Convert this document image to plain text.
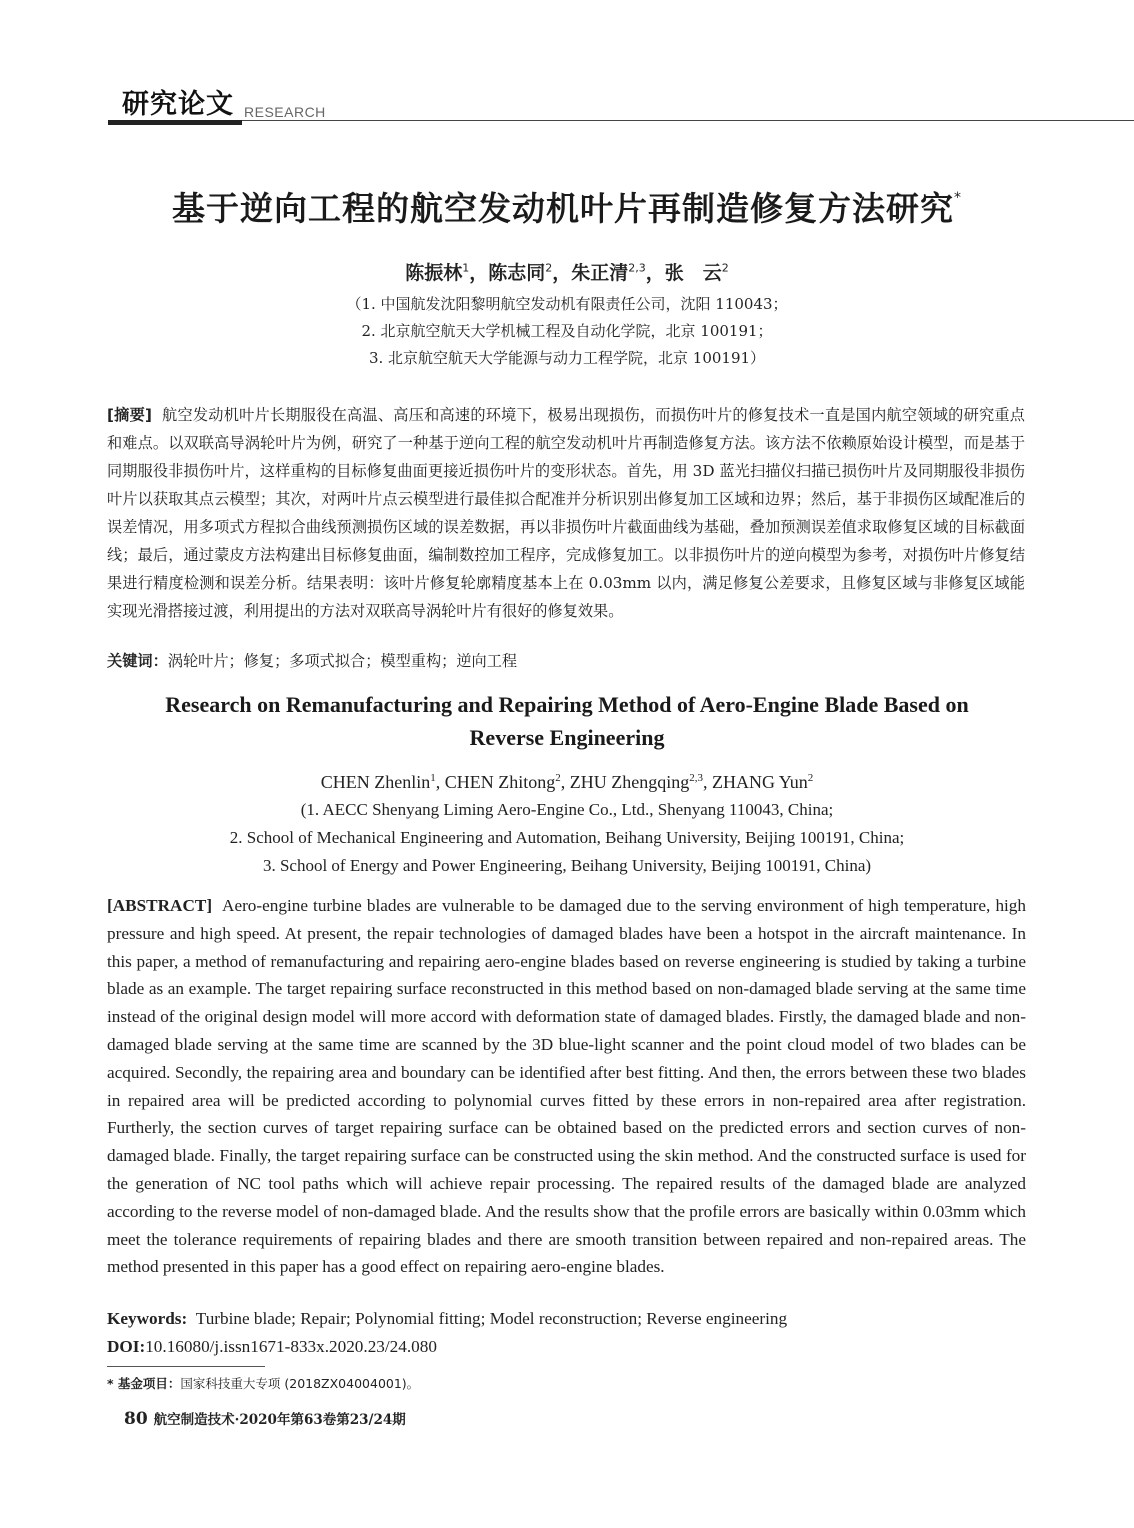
研究论文 RESEARCH
基于逆向工程的航空发动机叶片再制造修复方法研究*
陈振林$^1$，陈志同$^2$，朱正清$^{2,3}$，张　云$^2$
（1. 中国航发沈阳黎明航空发动机有限责任公司，沈阳 110043；
2. 北京航空航天大学机械工程及自动化学院，北京 100191；
3. 北京航空航天大学能源与动力工程学院，北京 100191）
[摘要] 航空发动机叶片长期服役在高温、高压和高速的环境下，极易出现损伤，而损伤叶片的修复技术一直是国内航空领域的研究重点和难点。以双联高导涡轮叶片为例，研究了一种基于逆向工程的航空发动机叶片再制造修复方法。该方法不依赖原始设计模型，而是基于同期服役非损伤叶片，这样重构的目标修复曲面更接近损伤叶片的变形状态。首先，用 3D 蓝光扫描仪扫描已损伤叶片及同期服役非损伤叶片以获取其点云模型；其次，对两叶片点云模型进行最佳拟合配准并分析识别出修复加工区域和边界；然后，基于非损伤区域配准后的误差情况，用多项式方程拟合曲线预测损伤区域的误差数据，再以非损伤叶片截面曲线为基础，叠加预测误差值求取修复区域的目标截面线；最后，通过蒙皮方法构建出目标修复曲面，编制数控加工程序，完成修复加工。以非损伤叶片的逆向模型为参考，对损伤叶片修复结果进行精度检测和误差分析。结果表明：该叶片修复轮廓精度基本上在 0.03mm 以内，满足修复公差要求，且修复区域与非修复区域能实现光滑搭接过渡，利用提出的方法对双联高导涡轮叶片有很好的修复效果。
关键词：涡轮叶片；修复；多项式拟合；模型重构；逆向工程
Research on Remanufacturing and Repairing Method of Aero-Engine Blade Based on
Reverse Engineering
CHEN Zhenlin$^1$, CHEN Zhitong$^2$, ZHU Zhengqing$^{2,3}$, ZHANG Yun$^2$
(1. AECC Shenyang Liming Aero-Engine Co., Ltd., Shenyang 110043, China;
2. School of Mechanical Engineering and Automation, Beihang University, Beijing 100191, China;
3. School of Energy and Power Engineering, Beihang University, Beijing 100191, China)
[ABSTRACT] Aero-engine turbine blades are vulnerable to be damaged due to the serving environment of high temperature, high pressure and high speed. At present, the repair technologies of damaged blades have been a hotspot in the aircraft maintenance. In this paper, a method of remanufacturing and repairing aero-engine blades based on reverse engineering is studied by taking a turbine blade as an example. The target repairing surface reconstructed in this method based on non-damaged blade serving at the same time instead of the original design model will more accord with deformation state of damaged blades. Firstly, the damaged blade and non-damaged blade serving at the same time are scanned by the 3D blue-light scanner and the point cloud model of two blades can be acquired. Secondly, the repairing area and boundary can be identified after best fitting. And then, the errors between these two blades in repaired area will be predicted according to polynomial curves fitted by these errors in non-repaired area after registration. Furtherly, the section curves of target repairing surface can be obtained based on the predicted errors and section curves of non-damaged blade. Finally, the target repairing surface can be constructed using the skin method. And the constructed surface is used for the generation of NC tool paths which will achieve repair processing. The repaired results of the damaged blade are analyzed according to the reverse model of non-damaged blade. And the results show that the profile errors are basically within 0.03mm which meet the tolerance requirements of repairing blades and there are smooth transition between repaired and non-repaired areas. The method presented in this paper has a good effect on repairing aero-engine blades.
Keywords: Turbine blade; Repair; Polynomial fitting; Model reconstruction; Reverse engineering
DOI:10.16080/j.issn1671-833x.2020.23/24.080
* 基金项目：国家科技重大专项 (2018ZX04004001)。
80 航空制造技术·2020年第63卷第23/24期
